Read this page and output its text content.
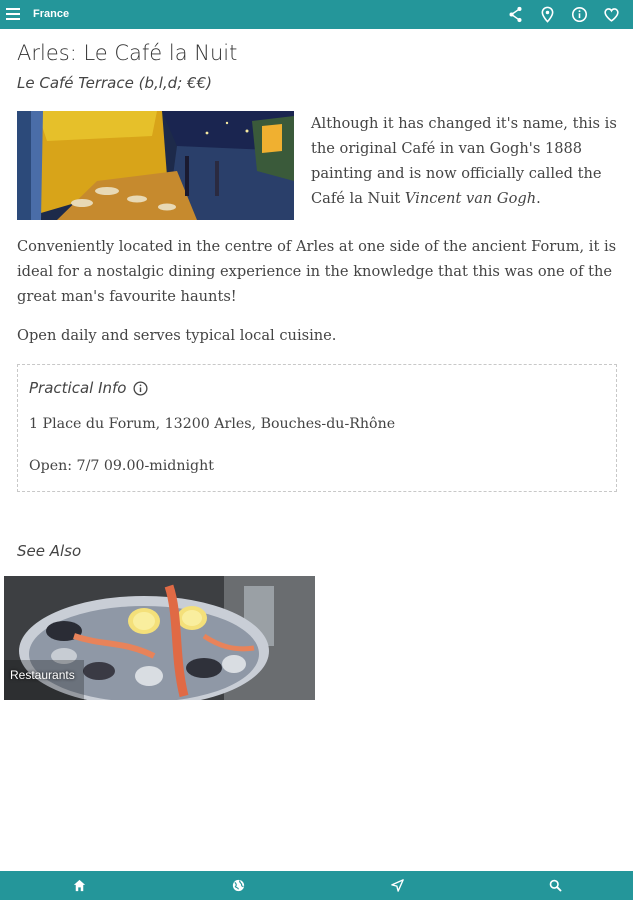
France
Arles: Le Café la Nuit
Le Café Terrace (b,l,d; €€)

Although it has changed it's name, this is the original Café in van Gogh's 1888 painting and is now officially called the Café la Nuit Vincent van Gogh.

Conveniently located in the centre of Arles at one side of the ancient Forum, it is ideal for a nostalgic dining experience in the knowledge that this was one of the great man's favourite haunts!

Open daily and serves typical local cuisine.

Practical Info
1 Place du Forum, 13200 Arles, Bouches-du-Rhône
Open: 7/7 09.00-midnight
See Also
Restaurants
